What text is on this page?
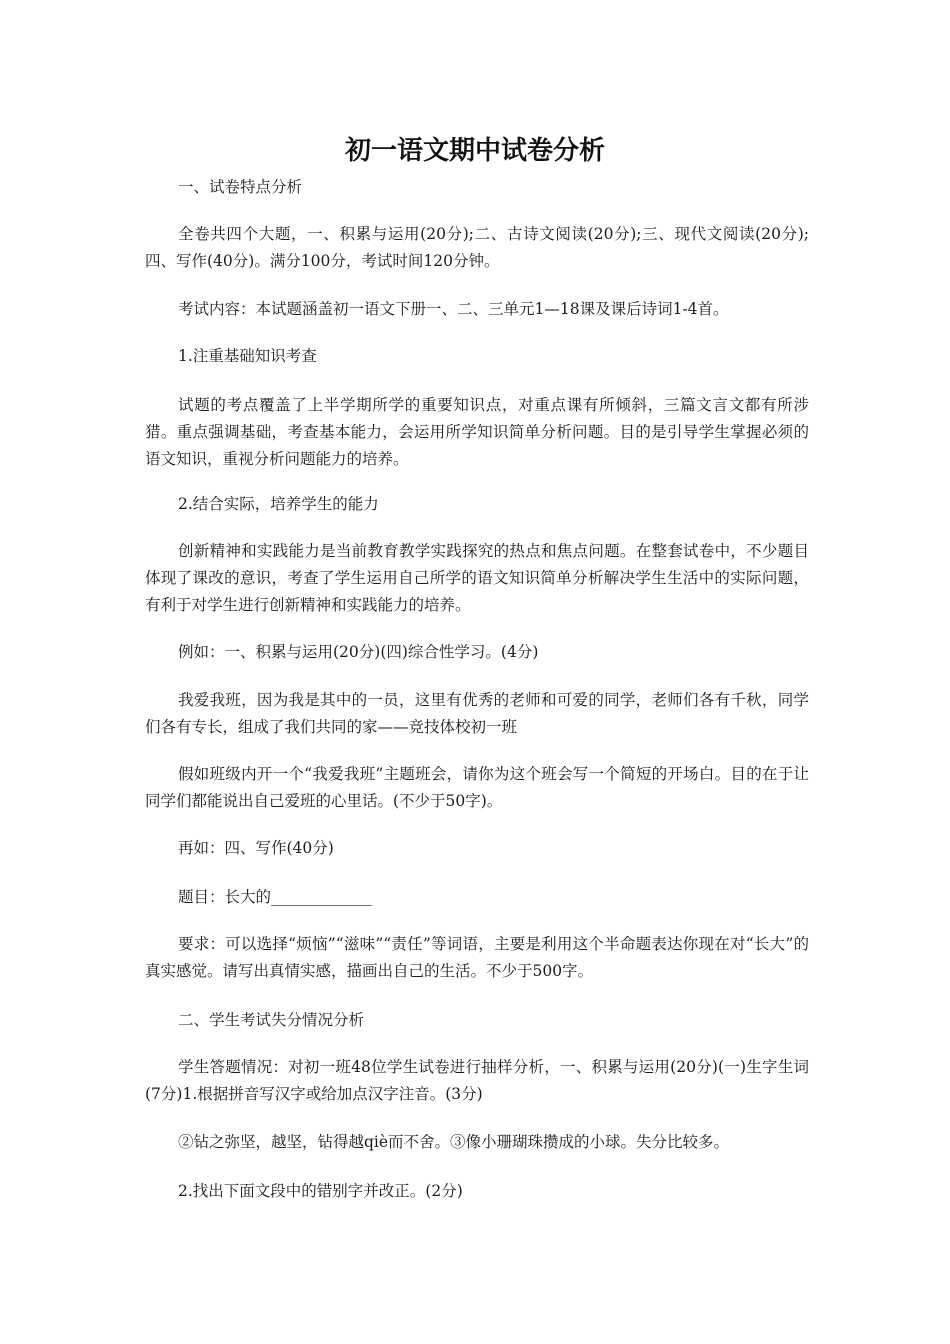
初一语文期中试卷分析

一、试卷特点分析

全卷共四个大题，一、积累与运用(20分);二、古诗文阅读(20分);三、现代文阅读(20分);四、写作(40分)。满分100分，考试时间120分钟。

考试内容：本试题涵盖初一语文下册一、二、三单元1—18课及课后诗词1-4首。

1.注重基础知识考查

试题的考点覆盖了上半学期所学的重要知识点，对重点课有所倾斜，三篇文言文都有所涉猎。重点强调基础，考查基本能力，会运用所学知识简单分析问题。目的是引导学生掌握必须的语文知识，重视分析问题能力的培养。

2.结合实际，培养学生的能力

创新精神和实践能力是当前教育教学实践探究的热点和焦点问题。在整套试卷中，不少题目体现了课改的意识，考查了学生运用自己所学的语文知识简单分析解决学生生活中的实际问题，有利于对学生进行创新精神和实践能力的培养。

例如：一、积累与运用(20分)(四)综合性学习。(4分)

我爱我班，因为我是其中的一员，这里有优秀的老师和可爱的同学，老师们各有千秋，同学们各有专长，组成了我们共同的家——竞技体校初一班

假如班级内开一个“我爱我班”主题班会，请你为这个班会写一个简短的开场白。目的在于让同学们都能说出自己爱班的心里话。(不少于50字)。

再如：四、写作(40分)

题目：长大的_____________

要求：可以选择“烦恼”“滋味”“责任”等词语，主要是利用这个半命题表达你现在对“长大”的真实感觉。请写出真情实感，描画出自己的生活。不少于500字。

二、学生考试失分情况分析

学生答题情况：对初一班48位学生试卷进行抽样分析，一、积累与运用(20分)(一)生字生词(7分)1.根据拼音写汉字或给加点汉字注音。(3分)

②钻之弥坚，越坚，钻得越qiè而不舍。③像小珊瑚珠攒成的小球。失分比较多。

2.找出下面文段中的错别字并改正。(2分)
